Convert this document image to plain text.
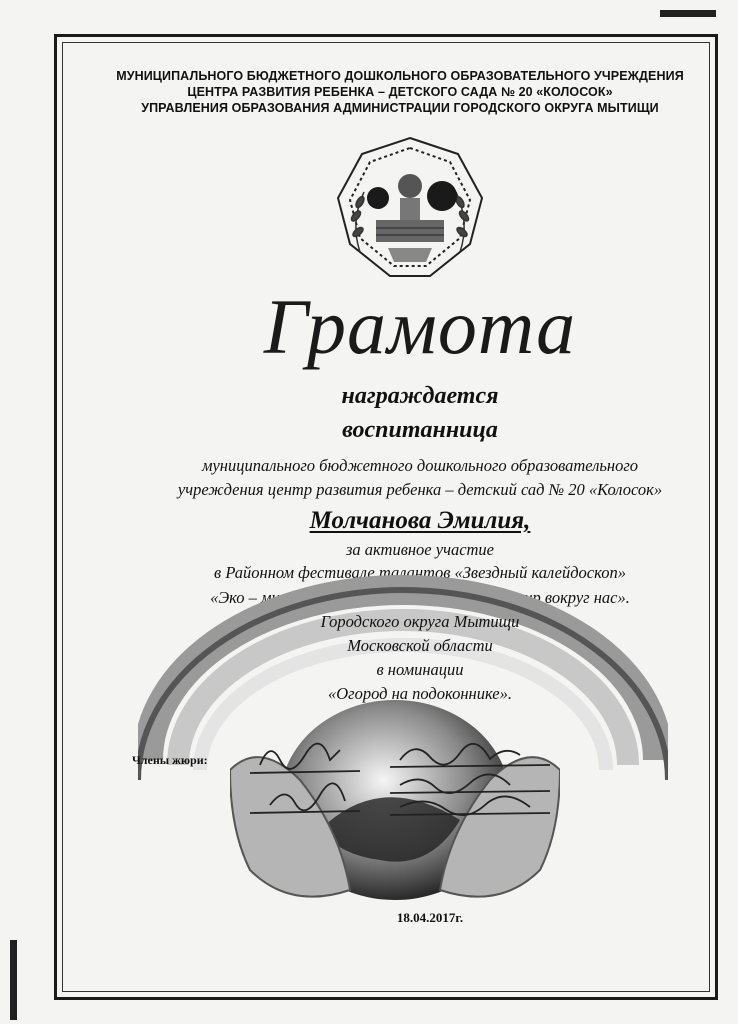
МУНИЦИПАЛЬНОГО БЮДЖЕТНОГО ДОШКОЛЬНОГО ОБРАЗОВАТЕЛЬНОГО УЧРЕЖДЕНИЯ
ЦЕНТРА РАЗВИТИЯ РЕБЕНКА – ДЕТСКОГО САДА № 20 «КОЛОСОК»
УПРАВЛЕНИЯ ОБРАЗОВАНИЯ АДМИНИСТРАЦИИ ГОРОДСКОГО ОКРУГА МЫТИЩИ
Грамота
награждается
воспитанница
муниципального бюджетного дошкольного образовательного
учреждения центр развития ребенка – детский сад № 20 «Колосок»
Молчанова Эмилия,
за активное участие
в Районном фестивале талантов «Звездный калейдоскоп»
«Эко – мир планеты земля. Удивительный мир вокруг нас».
Городского округа Мытищи
Московской области
в номинации
«Огород на подоконнике».
Члены жюри:
18.04.2017г.
